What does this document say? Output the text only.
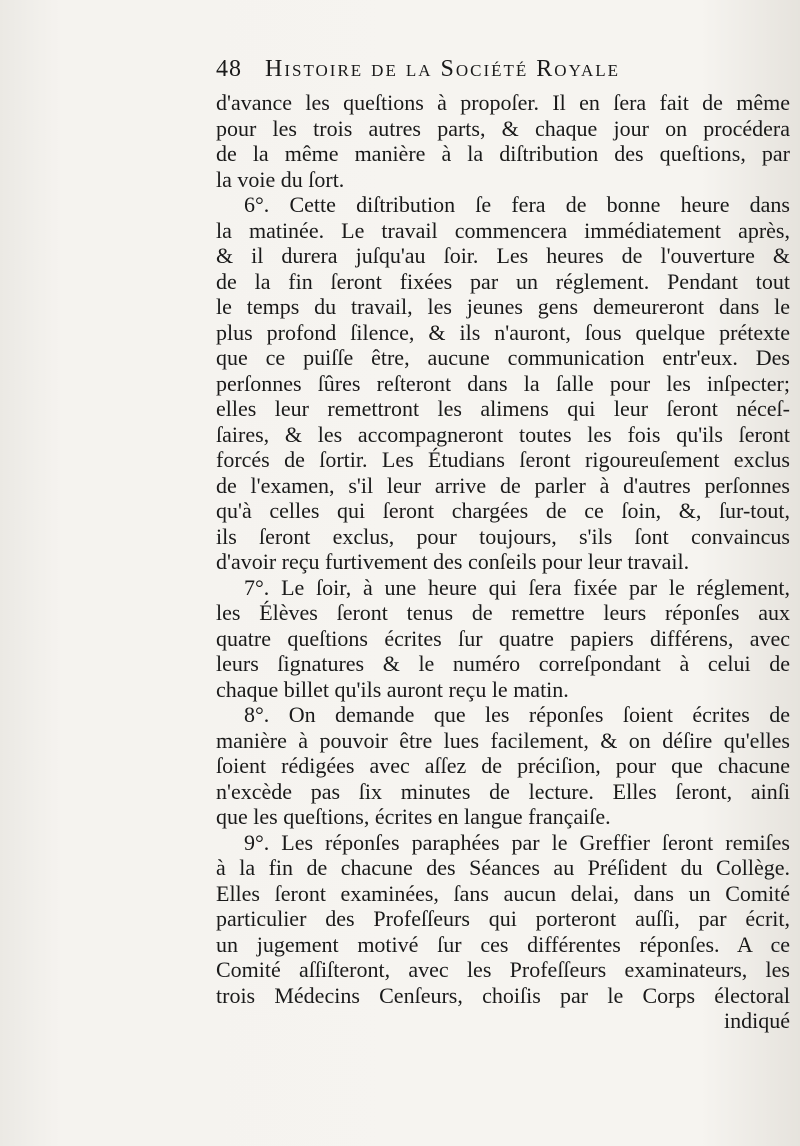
48 Histoire de la Société Royale
d'avance les queſtions à propoſer. Il en ſera fait de même
pour les trois autres parts, & chaque jour on procédera
de la même manière à la diſtribution des queſtions, par
la voie du ſort.
6°. Cette diſtribution ſe fera de bonne heure dans
la matinée. Le travail commencera immédiatement après,
& il durera juſqu'au ſoir. Les heures de l'ouverture &
de la fin ſeront fixées par un réglement. Pendant tout
le temps du travail, les jeunes gens demeureront dans le
plus profond ſilence, & ils n'auront, ſous quelque prétexte
que ce puiſſe être, aucune communication entr'eux. Des
perſonnes ſûres reſteront dans la ſalle pour les inſpecter;
elles leur remettront les alimens qui leur ſeront néceſ-
ſaires, & les accompagneront toutes les fois qu'ils ſeront
forcés de ſortir. Les Étudians ſeront rigoureuſement exclus
de l'examen, s'il leur arrive de parler à d'autres perſonnes
qu'à celles qui ſeront chargées de ce ſoin, &, ſur-tout,
ils ſeront exclus, pour toujours, s'ils ſont convaincus
d'avoir reçu furtivement des conſeils pour leur travail.
7°. Le ſoir, à une heure qui ſera fixée par le réglement,
les Élèves ſeront tenus de remettre leurs réponſes aux
quatre queſtions écrites ſur quatre papiers différens, avec
leurs ſignatures & le numéro correſpondant à celui de
chaque billet qu'ils auront reçu le matin.
8°. On demande que les réponſes ſoient écrites de
manière à pouvoir être lues facilement, & on déſire qu'elles
ſoient rédigées avec aſſez de préciſion, pour que chacune
n'excède pas ſix minutes de lecture. Elles ſeront, ainſi
que les queſtions, écrites en langue françaiſe.
9°. Les réponſes paraphées par le Greffier ſeront remiſes
à la fin de chacune des Séances au Préſident du Collège.
Elles ſeront examinées, ſans aucun delai, dans un Comité
particulier des Profeſſeurs qui porteront auſſi, par écrit,
un jugement motivé ſur ces différentes réponſes. A ce
Comité aſſiſteront, avec les Profeſſeurs examinateurs, les
trois Médecins Cenſeurs, choiſis par le Corps électoral
indiqué
